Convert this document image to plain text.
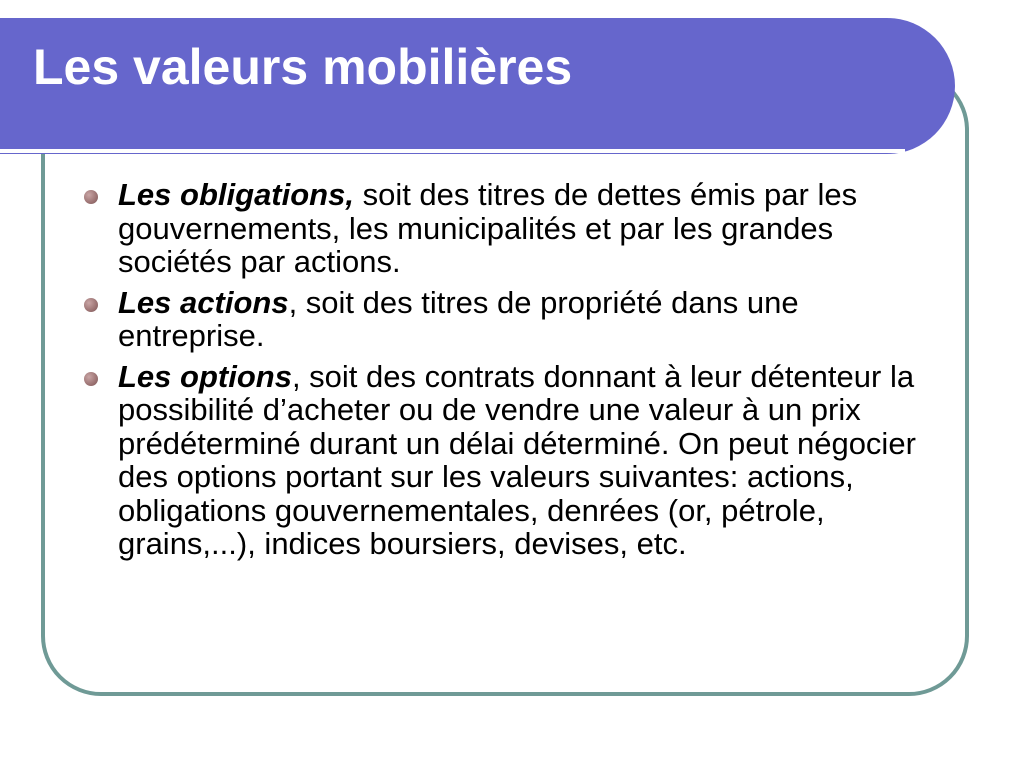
Les valeurs mobilières
Les obligations, soit des titres de dettes émis par les gouvernements, les municipalités et par les grandes sociétés par actions.
Les actions, soit des titres de propriété dans une entreprise.
Les options, soit des contrats donnant à leur détenteur la possibilité d’acheter ou de vendre une valeur à un prix prédéterminé durant un délai déterminé. On peut négocier des options portant sur les valeurs suivantes: actions, obligations gouvernementales, denrées (or, pétrole, grains,...), indices boursiers, devises, etc.
